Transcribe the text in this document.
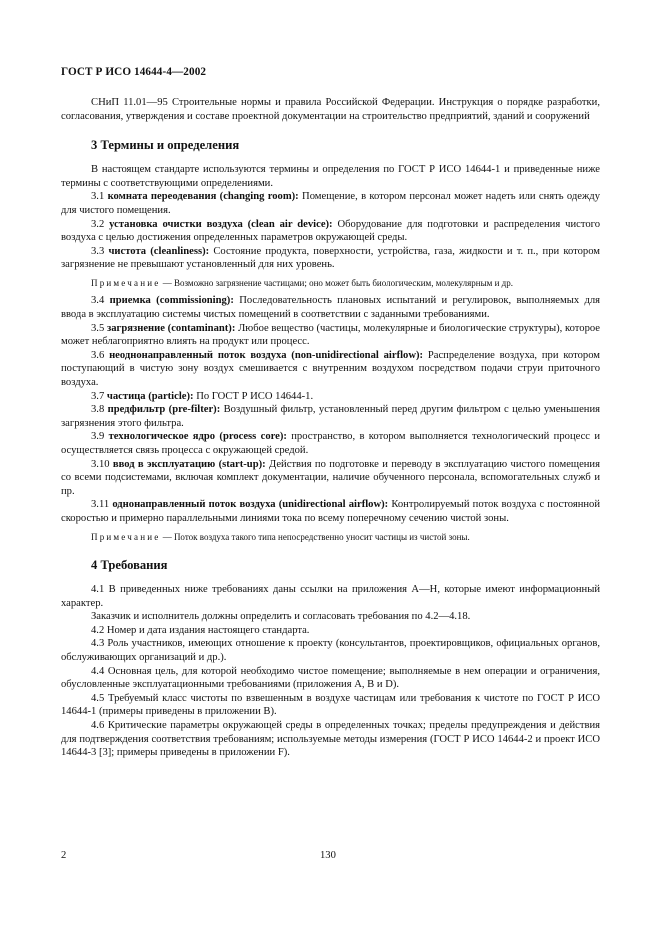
ГОСТ Р ИСО 14644-4—2002

СНиП 11.01—95 Строительные нормы и правила Российской Федерации. Инструкция о порядке разработки, согласования, утверждения и составе проектной документации на строительство предприятий, зданий и сооружений

3 Термины и определения

В настоящем стандарте используются термины и определения по ГОСТ Р ИСО 14644-1 и приведенные ниже термины с соответствующими определениями.

3.1 комната переодевания (changing room): Помещение, в котором персонал может надеть или снять одежду для чистого помещения.

3.2 установка очистки воздуха (clean air device): Оборудование для подготовки и распределения чистого воздуха с целью достижения определенных параметров окружающей среды.

3.3 чистота (cleanliness): Состояние продукта, поверхности, устройства, газа, жидкости и т. п., при котором загрязнение не превышают установленный для них уровень.

Примечание — Возможно загрязнение частицами; оно может быть биологическим, молекулярным и др.

3.4 приемка (commissioning): Последовательность плановых испытаний и регулировок, выполняемых для ввода в эксплуатацию системы чистых помещений в соответствии с заданными требованиями.

3.5 загрязнение (contaminant): Любое вещество (частицы, молекулярные и биологические структуры), которое может неблагоприятно влиять на продукт или процесс.

3.6 неоднонаправленный поток воздуха (non-unidirectional airflow): Распределение воздуха, при котором поступающий в чистую зону воздух смешивается с внутренним воздухом посредством подачи струи приточного воздуха.

3.7 частица (particle): По ГОСТ Р ИСО 14644-1.

3.8 предфильтр (pre-filter): Воздушный фильтр, установленный перед другим фильтром с целью уменьшения загрязнения этого фильтра.

3.9 технологическое ядро (process core): пространство, в котором выполняется технологический процесс и осуществляется связь процесса с окружающей средой.

3.10 ввод в эксплуатацию (start-up): Действия по подготовке и переводу в эксплуатацию чистого помещения со всеми подсистемами, включая комплект документации, наличие обученного персонала, вспомогательных служб и пр.

3.11 однонаправленный поток воздуха (unidirectional airflow): Контролируемый поток воздуха с постоянной скоростью и примерно параллельными линиями тока по всему поперечному сечению чистой зоны.

Примечание — Поток воздуха такого типа непосредственно уносит частицы из чистой зоны.

4 Требования

4.1 В приведенных ниже требованиях даны ссылки на приложения А—Н, которые имеют информационный характер.

Заказчик и исполнитель должны определить и согласовать требования по 4.2—4.18.

4.2 Номер и дата издания настоящего стандарта.

4.3 Роль участников, имеющих отношение к проекту (консультантов, проектировщиков, официальных органов, обслуживающих организаций и др.).

4.4 Основная цель, для которой необходимо чистое помещение; выполняемые в нем операции и ограничения, обусловленные эксплуатационными требованиями (приложения А, В и D).

4.5 Требуемый класс чистоты по взвешенным в воздухе частицам или требования к чистоте по ГОСТ Р ИСО 14644-1 (примеры приведены в приложении В).

4.6 Критические параметры окружающей среды в определенных точках; пределы предупреждения и действия для подтверждения соответствия требованиям; используемые методы измерения (ГОСТ Р ИСО 14644-2 и проект ИСО 14644-3 [3]; примеры приведены в приложении F).

2	130
